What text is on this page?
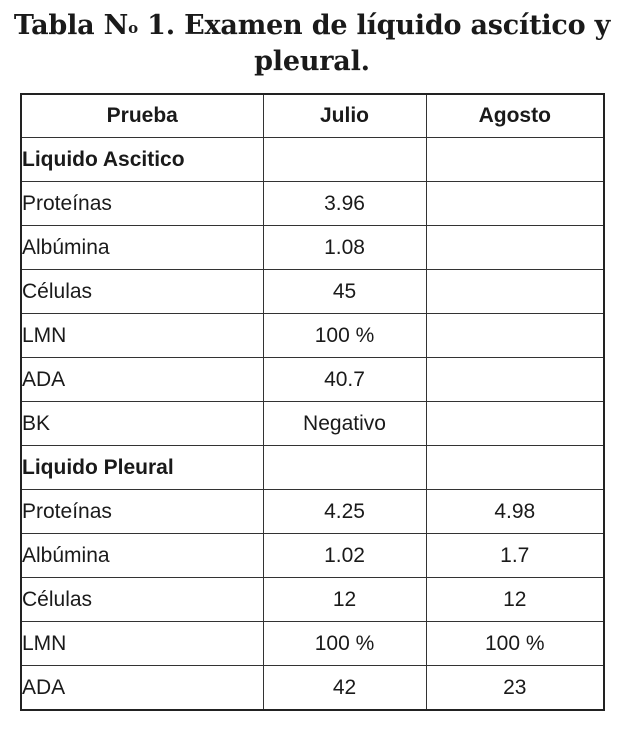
Tabla $N^o$ 1. Examen de líquido ascítico y
pleural.
Prueba	Julio	Agosto
Liquido Ascitico		
Proteínas	3.96	
Albúmina	1.08	
Células	45	
LMN	100 %	
ADA	40.7	
BK	Negativo	
Liquido Pleural		
Proteínas	4.25	4.98
Albúmina	1.02	1.7
Células	12	12
LMN	100 %	100 %
ADA	42	23
